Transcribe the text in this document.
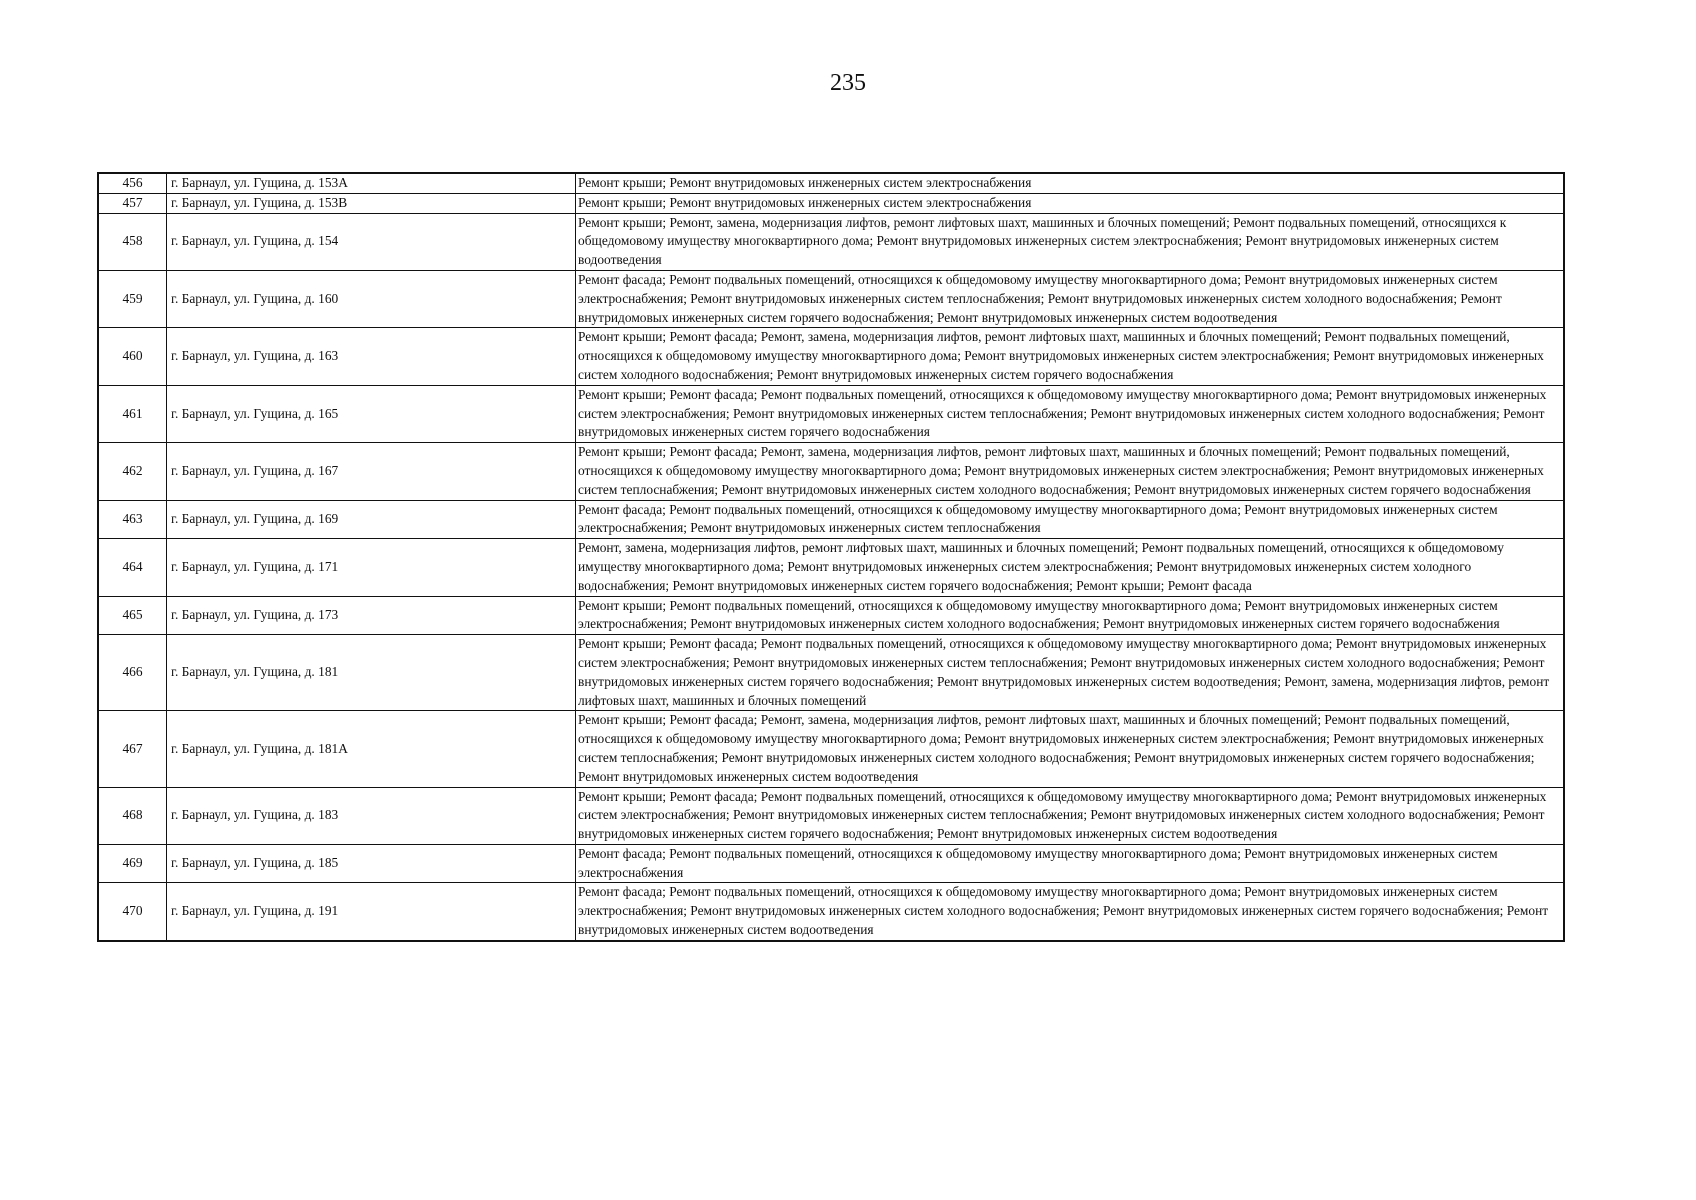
235
456	г. Барнаул, ул. Гущина, д. 153А	Ремонт крыши; Ремонт внутридомовых инженерных систем электроснабжения
457	г. Барнаул, ул. Гущина, д. 153В	Ремонт крыши; Ремонт внутридомовых инженерных систем электроснабжения
458	г. Барнаул, ул. Гущина, д. 154	Ремонт крыши; Ремонт, замена, модернизация лифтов, ремонт лифтовых шахт, машинных и блочных помещений; Ремонт подвальных помещений, относящихся к общедомовому имуществу многоквартирного дома; Ремонт внутридомовых инженерных систем электроснабжения; Ремонт внутридомовых инженерных систем водоотведения
459	г. Барнаул, ул. Гущина, д. 160	Ремонт фасада; Ремонт подвальных помещений, относящихся к общедомовому имуществу многоквартирного дома; Ремонт внутридомовых инженерных систем электроснабжения; Ремонт внутридомовых инженерных систем теплоснабжения; Ремонт внутридомовых инженерных систем холодного водоснабжения; Ремонт внутридомовых инженерных систем горячего водоснабжения; Ремонт внутридомовых инженерных систем водоотведения
460	г. Барнаул, ул. Гущина, д. 163	Ремонт крыши; Ремонт фасада; Ремонт, замена, модернизация лифтов, ремонт лифтовых шахт, машинных и блочных помещений; Ремонт подвальных помещений, относящихся к общедомовому имуществу многоквартирного дома; Ремонт внутридомовых инженерных систем электроснабжения; Ремонт внутридомовых инженерных систем холодного водоснабжения; Ремонт внутридомовых инженерных систем горячего водоснабжения
461	г. Барнаул, ул. Гущина, д. 165	Ремонт крыши; Ремонт фасада; Ремонт подвальных помещений, относящихся к общедомовому имуществу многоквартирного дома; Ремонт внутридомовых инженерных систем электроснабжения; Ремонт внутридомовых инженерных систем теплоснабжения; Ремонт внутридомовых инженерных систем холодного водоснабжения; Ремонт внутридомовых инженерных систем горячего водоснабжения
462	г. Барнаул, ул. Гущина, д. 167	Ремонт крыши; Ремонт фасада; Ремонт, замена, модернизация лифтов, ремонт лифтовых шахт, машинных и блочных помещений; Ремонт подвальных помещений, относящихся к общедомовому имуществу многоквартирного дома; Ремонт внутридомовых инженерных систем электроснабжения; Ремонт внутридомовых инженерных систем теплоснабжения; Ремонт внутридомовых инженерных систем холодного водоснабжения; Ремонт внутридомовых инженерных систем горячего водоснабжения
463	г. Барнаул, ул. Гущина, д. 169	Ремонт фасада; Ремонт подвальных помещений, относящихся к общедомовому имуществу многоквартирного дома; Ремонт внутридомовых инженерных систем электроснабжения; Ремонт внутридомовых инженерных систем теплоснабжения
464	г. Барнаул, ул. Гущина, д. 171	Ремонт, замена, модернизация лифтов, ремонт лифтовых шахт, машинных и блочных помещений; Ремонт подвальных помещений, относящихся к общедомовому имуществу многоквартирного дома; Ремонт внутридомовых инженерных систем электроснабжения; Ремонт внутридомовых инженерных систем холодного водоснабжения; Ремонт внутридомовых инженерных систем горячего водоснабжения; Ремонт крыши; Ремонт фасада
465	г. Барнаул, ул. Гущина, д. 173	Ремонт крыши; Ремонт подвальных помещений, относящихся к общедомовому имуществу многоквартирного дома; Ремонт внутридомовых инженерных систем электроснабжения; Ремонт внутридомовых инженерных систем холодного водоснабжения; Ремонт внутридомовых инженерных систем горячего водоснабжения
466	г. Барнаул, ул. Гущина, д. 181	Ремонт крыши; Ремонт фасада; Ремонт подвальных помещений, относящихся к общедомовому имуществу многоквартирного дома; Ремонт внутридомовых инженерных систем электроснабжения; Ремонт внутридомовых инженерных систем теплоснабжения; Ремонт внутридомовых инженерных систем холодного водоснабжения; Ремонт внутридомовых инженерных систем горячего водоснабжения; Ремонт внутридомовых инженерных систем водоотведения; Ремонт, замена, модернизация лифтов, ремонт лифтовых шахт, машинных и блочных помещений
467	г. Барнаул, ул. Гущина, д. 181А	Ремонт крыши; Ремонт фасада; Ремонт, замена, модернизация лифтов, ремонт лифтовых шахт, машинных и блочных помещений; Ремонт подвальных помещений, относящихся к общедомовому имуществу многоквартирного дома; Ремонт внутридомовых инженерных систем электроснабжения; Ремонт внутридомовых инженерных систем теплоснабжения; Ремонт внутридомовых инженерных систем холодного водоснабжения; Ремонт внутридомовых инженерных систем горячего водоснабжения; Ремонт внутридомовых инженерных систем водоотведения
468	г. Барнаул, ул. Гущина, д. 183	Ремонт крыши; Ремонт фасада; Ремонт подвальных помещений, относящихся к общедомовому имуществу многоквартирного дома; Ремонт внутридомовых инженерных систем электроснабжения; Ремонт внутридомовых инженерных систем теплоснабжения; Ремонт внутридомовых инженерных систем холодного водоснабжения; Ремонт внутридомовых инженерных систем горячего водоснабжения; Ремонт внутридомовых инженерных систем водоотведения
469	г. Барнаул, ул. Гущина, д. 185	Ремонт фасада; Ремонт подвальных помещений, относящихся к общедомовому имуществу многоквартирного дома; Ремонт внутридомовых инженерных систем электроснабжения
470	г. Барнаул, ул. Гущина, д. 191	Ремонт фасада; Ремонт подвальных помещений, относящихся к общедомовому имуществу многоквартирного дома; Ремонт внутридомовых инженерных систем электроснабжения; Ремонт внутридомовых инженерных систем холодного водоснабжения; Ремонт внутридомовых инженерных систем горячего водоснабжения; Ремонт внутридомовых инженерных систем водоотведения
